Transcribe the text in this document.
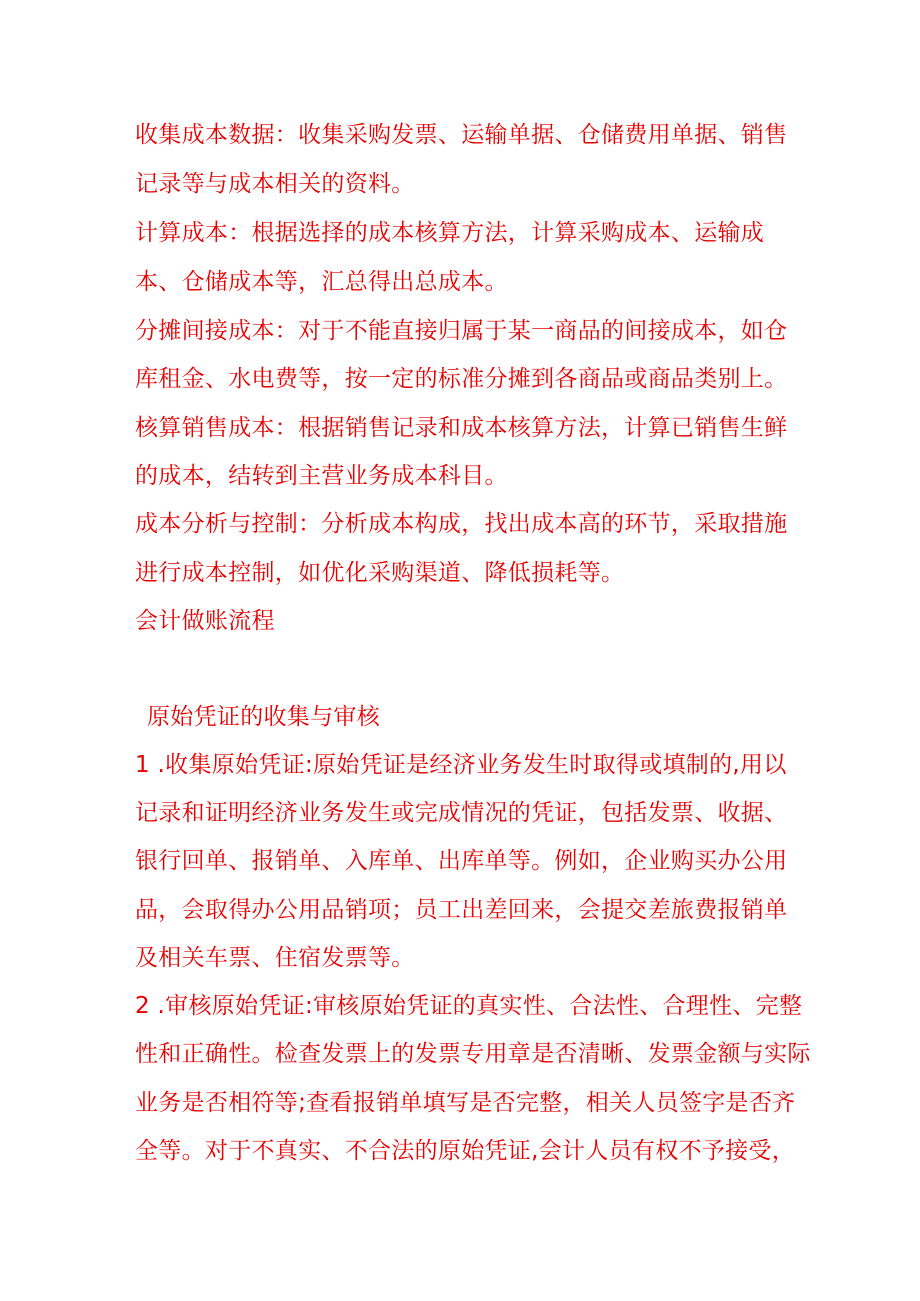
收集成本数据：收集采购发票、运输单据、仓储费用单据、销售
记录等与成本相关的资料。
计算成本：根据选择的成本核算方法，计算采购成本、运输成
本、仓储成本等，汇总得出总成本。
分摊间接成本：对于不能直接归属于某一商品的间接成本，如仓
库租金、水电费等，按一定的标准分摊到各商品或商品类别上。
核算销售成本：根据销售记录和成本核算方法，计算已销售生鲜
的成本，结转到主营业务成本科目。
成本分析与控制：分析成本构成，找出成本高的环节，采取措施
进行成本控制，如优化采购渠道、降低损耗等。
会计做账流程
原始凭证的收集与审核
1 .收集原始凭证:原始凭证是经济业务发生时取得或填制的,用以
记录和证明经济业务发生或完成情况的凭证，包括发票、收据、
银行回单、报销单、入库单、出库单等。例如，企业购买办公用
品，会取得办公用品销项；员工出差回来，会提交差旅费报销单
及相关车票、住宿发票等。
2 .审核原始凭证:审核原始凭证的真实性、合法性、合理性、完整
性和正确性。检查发票上的发票专用章是否清晰、发票金额与实际
业务是否相符等;查看报销单填写是否完整，相关人员签字是否齐
全等。对于不真实、不合法的原始凭证,会计人员有权不予接受，
